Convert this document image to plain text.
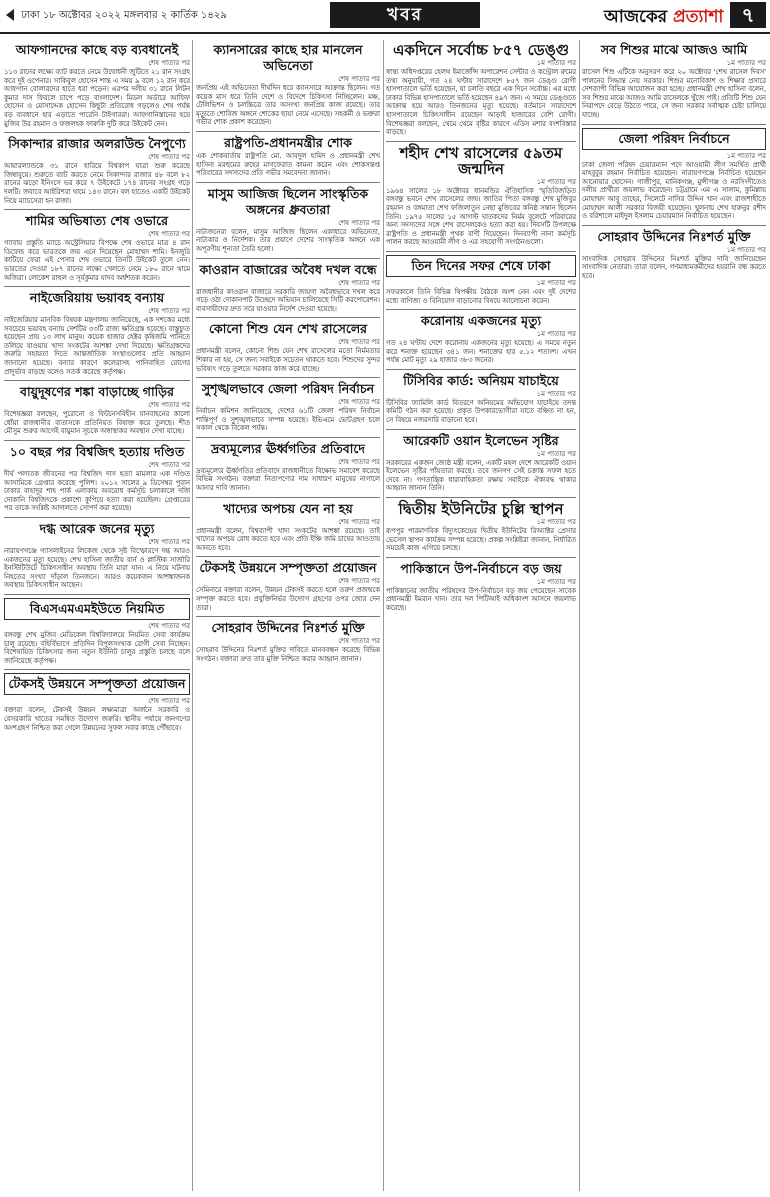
ঢাকা ১৮ অক্টোবর ২০২২ মঙ্গলবার ২ কার্তিক ১৪২৯	খবর	আজকের প্রত্যাশা ৭
আফগানদের কাছে বড় ব্যবধানেই
শেষ পাতার পর
১১৩ রানের লক্ষ্যে ব্যাট করতে নেমে উদ্বোধনী জুটিতে ২১ রান সংগ্রহ করে দুই ওপেনার। সাকিবুল হোসেন শান্ত এ সময় ৯ বলে ১২ রান করে আফগান বোলারদের হাতে ধরা পড়েন। এরপর দলীয় ৩১ রানে লিটন কুমার দাস ফিরলে চাপে পড়ে বাংলাদেশ। মিডল অর্ডারে আফিফ হোসেন ও মোসাদ্দেক হোসেন কিছুটা প্রতিরোধ গড়লেও শেষ পর্যন্ত বড় ব্যবধানে হার এড়াতে পারেনি টাইগাররা। আফগানিস্তানের হয়ে মুজিব উর রহমান ও ফজলহক ফারুকি দুটি করে উইকেট নেন।
সিকান্দার রাজার অলরাউন্ড নৈপুণ্যে
শেষ পাতার পর
আয়ারল্যান্ডকে ৩১ রানে হারিয়ে বিশ্বকাপ যাত্রা শুরু করেছে জিম্বাবুয়ে। শুরুতে ব্যাট করতে নেমে সিকান্দার রাজার ৪৮ বলে ৮২ রানের ঝড়ো ইনিংসে ভর করে ৭ উইকেটে ১৭৪ রানের সংগ্রহ গড়ে দলটি। জবাবে আইরিশরা থামে ১৪৩ রানে। বল হাতেও একটি উইকেট নিয়ে ম্যাচসেরা হন রাজা।
শামির অভিষাত্য শেষ ওভারে
শেষ পাতার পর
গ্যাবায় প্রস্তুতি ম্যাচে অস্ট্রেলিয়ার বিপক্ষে শেষ ওভারে মাত্র ৪ রান ডিফেন্ড করে ভারতকে জয় এনে দিয়েছেন মোহাম্মদ শামি। ইনজুরি কাটিয়ে ফেরা এই পেসার শেষ ওভারে তিনটি উইকেট তুলে নেন। ভারতের দেওয়া ১৮৭ রানের লক্ষ্যে খেলতে নেমে ১৮০ রানে থামে অজিরা। লোকেশ রাহুল ও সূর্যকুমার যাদব অর্ধশতক করেন।
নাইজেরিয়ায় ভয়াবহ বন্যায়
শেষ পাতার পর
নাইজেরিয়ার মানবিক বিষয়ক মন্ত্রণালয় জানিয়েছে, এক দশকের মধ্যে সবচেয়ে ভয়াবহ বন্যায় দেশটির ৩৩টি রাজ্য ক্ষতিগ্রস্ত হয়েছে। বাস্তুচ্যুত হয়েছেন প্রায় ১৩ লাখ মানুষ। কয়েক হাজার হেক্টর কৃষিজমি পানিতে তলিয়ে যাওয়ায় খাদ্য সংকটের আশঙ্কা দেখা দিয়েছে। ক্ষতিগ্রস্তদের জরুরি সহায়তা দিতে আন্তর্জাতিক সংস্থাগুলোর প্রতি আহ্বান জানানো হয়েছে। বন্যার কারণে কলেরাসহ পানিবাহিত রোগের প্রাদুর্ভাব বাড়ছে বলেও সতর্ক করেছে কর্তৃপক্ষ।
বায়ুদূষণের শঙ্কা বাড়াচ্ছে গাড়ির
শেষ পাতার পর
বিশেষজ্ঞরা বলছেন, পুরোনো ও ফিটনেসবিহীন যানবাহনের কালো ধোঁয়া রাজধানীর বাতাসকে প্রতিনিয়ত বিষাক্ত করে তুলছে। শীত মৌসুম শুরুর আগেই বায়ুমান সূচকে অস্বাস্থ্যকর অবস্থান দেখা যাচ্ছে।
১০ বছর পর বিশ্বজিৎ হত্যায় দণ্ডিত
শেষ পাতার পর
দীর্ঘ পলাতক জীবনের পর বিশ্বজিৎ দাস হত্যা মামলার এক দণ্ডিত আসামিকে গ্রেপ্তার করেছে পুলিশ। ২০১২ সালের ৯ ডিসেম্বর পুরান ঢাকার বাহাদুর শাহ পার্ক এলাকায় অবরোধ কর্মসূচি চলাকালে দর্জি দোকানি বিশ্বজিৎকে প্রকাশ্যে কুপিয়ে হত্যা করা হয়েছিল। গ্রেপ্তারের পর তাকে সংশ্লিষ্ট আদালতে সোপর্দ করা হয়েছে।
দগ্ধ আরেক জনের মৃত্যু
শেষ পাতার পর
নারায়ণগঞ্জে গ্যাসলাইনের লিকেজ থেকে সৃষ্ট বিস্ফোরণে দগ্ধ আরও একজনের মৃত্যু হয়েছে। শেখ হাসিনা জাতীয় বার্ন ও প্লাস্টিক সার্জারি ইনস্টিটিউটে চিকিৎসাধীন অবস্থায় তিনি মারা যান। এ নিয়ে ঘটনায় নিহতের সংখ্যা দাঁড়াল তিনজনে। আরও কয়েকজন আশঙ্কাজনক অবস্থায় চিকিৎসাধীন আছেন।
বিএসএমএমইউতে নিয়মিত
শেষ পাতার পর
বঙ্গবন্ধু শেখ মুজিব মেডিকেল বিশ্ববিদ্যালয়ে নিয়মিত সেবা কার্যক্রম চালু রয়েছে। বহির্বিভাগে প্রতিদিন বিপুলসংখ্যক রোগী সেবা নিচ্ছেন। বিশেষায়িত চিকিৎসার জন্য নতুন ইউনিট চালুর প্রস্তুতি চলছে বলে জানিয়েছে কর্তৃপক্ষ।
টেকসই উন্নয়নে সম্পৃক্ততা প্রয়োজন
শেষ পাতার পর
বক্তারা বলেন, টেকসই উন্নয়ন লক্ষ্যমাত্রা অর্জনে সরকারি ও বেসরকারি খাতের সমন্বিত উদ্যোগ জরুরি। স্থানীয় পর্যায়ে জনগণের অংশগ্রহণ নিশ্চিত করা গেলে উন্নয়নের সুফল সবার কাছে পৌঁছাবে।
ক্যানসারের কাছে হার মানলেন অভিনেতা
শেষ পাতার পর
জনপ্রিয় এই অভিনেতা দীর্ঘদিন ধরে ক্যানসারে আক্রান্ত ছিলেন। গত কয়েক মাস ধরে তিনি দেশে ও বিদেশে চিকিৎসা নিচ্ছিলেন। মঞ্চ, টেলিভিশন ও চলচ্চিত্রে তার অসংখ্য জনপ্রিয় কাজ রয়েছে। তার মৃত্যুতে শোবিজ অঙ্গনে শোকের ছায়া নেমে এসেছে। সহকর্মী ও ভক্তরা গভীর শোক প্রকাশ করেছেন।
রাষ্ট্রপতি-প্রধানমন্ত্রীর শোক
এক শোকবার্তায় রাষ্ট্রপতি মো. আবদুল হামিদ ও প্রধানমন্ত্রী শেখ হাসিনা মরহুমের রুহের মাগফেরাত কামনা করেন এবং শোকসন্তপ্ত পরিবারের সদস্যদের প্রতি গভীর সমবেদনা জানান।
মাসুম আজিজ ছিলেন সাংস্কৃতিক অঙ্গনের ধ্রুবতারা
শেষ পাতার পর
নাট্যজনেরা বলেন, মাসুম আজিজ ছিলেন একাধারে অভিনেতা, নাট্যকার ও নির্দেশক। তার প্রয়াণে দেশের সাংস্কৃতিক অঙ্গনে এক অপূরণীয় শূন্যতা তৈরি হলো।
কাওরান বাজারের অবৈধ দখল বন্ধে
শেষ পাতার পর
রাজধানীর কাওরান বাজারে সরকারি জায়গা অবৈধভাবে দখল করে গড়ে ওঠা দোকানপাট উচ্ছেদে অভিযান চালিয়েছে সিটি করপোরেশন। ব্যবসায়ীদের দ্রুত সরে যাওয়ার নির্দেশ দেওয়া হয়েছে।
কোনো শিশু যেন শেখ রাসেলের
শেষ পাতার পর
প্রধানমন্ত্রী বলেন, কোনো শিশু যেন শেখ রাসেলের মতো নির্মমতার শিকার না হয়, সে জন্য সবাইকে সচেতন থাকতে হবে। শিশুদের সুন্দর ভবিষ্যৎ গড়ে তুলতে সরকার কাজ করে যাচ্ছে।
সুশৃঙ্খলভাবে জেলা পরিষদ নির্বাচন
শেষ পাতার পর
নির্বাচন কমিশন জানিয়েছে, দেশের ৬১টি জেলা পরিষদ নির্বাচন শান্তিপূর্ণ ও সুশৃঙ্খলভাবে সম্পন্ন হয়েছে। ইভিএমে ভোটগ্রহণ চলে সকাল থেকে বিকেল পর্যন্ত।
দ্রব্যমূল্যের ঊর্ধ্বগতির প্রতিবাদে
শেষ পাতার পর
দ্রব্যমূল্যের ঊর্ধ্বগতির প্রতিবাদে রাজধানীতে বিক্ষোভ সমাবেশ করেছে বিভিন্ন সংগঠন। বক্তারা নিত্যপণ্যের দাম সাধারণ মানুষের নাগালে আনার দাবি জানান।
খাদ্যের অপচয় যেন না হয়
শেষ পাতার পর
প্রধানমন্ত্রী বলেন, বিশ্বব্যাপী খাদ্য সংকটের আশঙ্কা রয়েছে। তাই খাদ্যের অপচয় রোধ করতে হবে এবং প্রতি ইঞ্চি জমি চাষের আওতায় আনতে হবে।
টেকসই উন্নয়নে সম্পৃক্ততা প্রয়োজন
শেষ পাতার পর
সেমিনারে বক্তারা বলেন, উন্নয়ন টেকসই করতে হলে তরুণ প্রজন্মকে সম্পৃক্ত করতে হবে। প্রযুক্তিনির্ভর উদ্যোগ গ্রহণের ওপর জোর দেন তারা।
সোহরাব উদ্দিনের নিঃশর্ত মুক্তি
শেষ পাতার পর
সোহরাব উদ্দিনের নিঃশর্ত মুক্তির দাবিতে মানববন্ধন করেছে বিভিন্ন সংগঠন। বক্তারা দ্রুত তার মুক্তি নিশ্চিত করার আহ্বান জানান।
একদিনে সর্বোচ্চ ৮৫৭ ডেঙ্গু
১ম পাতার পর
স্বাস্থ্য অধিদপ্তরের হেলথ ইমার্জেন্সি অপারেশন সেন্টার ও কন্ট্রোল রুমের তথ্য অনুযায়ী, গত ২৪ ঘণ্টায় সারাদেশে ৮৫৭ জন ডেঙ্গু রোগী হাসপাতালে ভর্তি হয়েছেন, যা চলতি বছরে এক দিনে সর্বোচ্চ। এর মধ্যে ঢাকার বিভিন্ন হাসপাতালে ভর্তি হয়েছেন ৪৯৭ জন। এ সময়ে ডেঙ্গুতে আক্রান্ত হয়ে আরও তিনজনের মৃত্যু হয়েছে। বর্তমানে সারাদেশে হাসপাতালে চিকিৎসাধীন রয়েছেন আড়াই হাজারের বেশি রোগী। বিশেষজ্ঞরা বলছেন, থেমে থেমে বৃষ্টির কারণে এডিস মশার বংশবিস্তার বাড়ছে।
শহীদ শেখ রাসেলের ৫৯তম জন্মদিন
১ম পাতার পর
১৯৬৪ সালের ১৮ অক্টোবর ধানমন্ডির ঐতিহাসিক স্মৃতিবিজড়িত বঙ্গবন্ধু ভবনে শেখ রাসেলের জন্ম। জাতির পিতা বঙ্গবন্ধু শেখ মুজিবুর রহমান ও বঙ্গমাতা শেখ ফজিলাতুন নেছা মুজিবের কনিষ্ঠ সন্তান ছিলেন তিনি। ১৯৭৫ সালের ১৫ আগস্ট ঘাতকদের নির্মম বুলেটে পরিবারের অন্য সদস্যদের সঙ্গে শেখ রাসেলকেও হত্যা করা হয়। দিবসটি উপলক্ষে রাষ্ট্রপতি ও প্রধানমন্ত্রী পৃথক বাণী দিয়েছেন। দিনব্যাপী নানা কর্মসূচি পালন করছে আওয়ামী লীগ ও এর সহযোগী সংগঠনগুলো।
তিন দিনের সফর শেষে ঢাকা
১ম পাতার পর
সফরকালে তিনি বিভিন্ন দ্বিপক্ষীয় বৈঠকে অংশ নেন এবং দুই দেশের মধ্যে বাণিজ্য ও বিনিয়োগ বাড়ানোর বিষয়ে আলোচনা করেন।
করোনায় একজনের মৃত্যু
১ম পাতার পর
গত ২৪ ঘণ্টায় দেশে করোনায় একজনের মৃত্যু হয়েছে। এ সময়ে নতুন করে শনাক্ত হয়েছেন ৩৪১ জন। শনাক্তের হার ৫.১২ শতাংশ। এখন পর্যন্ত মোট মৃত্যু ২৯ হাজার ৩৮৩ জনের।
টিসিবির কার্ড: অনিয়ম যাচাইয়ে
১ম পাতার পর
টিসিবির ফ্যামিলি কার্ড বিতরণে অনিয়মের অভিযোগ যাচাইয়ে তদন্ত কমিটি গঠন করা হয়েছে। প্রকৃত উপকারভোগীরা যাতে বঞ্চিত না হন, সে বিষয়ে নজরদারি বাড়ানো হবে।
আরেকটি ওয়ান ইলেভেন সৃষ্টির
১ম পাতার পর
সরকারের একজন জ্যেষ্ঠ মন্ত্রী বলেন, একটি মহল দেশে আরেকটি ওয়ান ইলেভেন সৃষ্টির পাঁয়তারা করছে। তবে জনগণ সেই চক্রান্ত সফল হতে দেবে না। গণতান্ত্রিক ধারাবাহিকতা রক্ষায় সবাইকে ঐক্যবদ্ধ থাকার আহ্বান জানান তিনি।
দ্বিতীয় ইউনিটের চুল্লি স্থাপন
১ম পাতার পর
রূপপুর পারমাণবিক বিদ্যুৎকেন্দ্রের দ্বিতীয় ইউনিটের রিঅ্যাক্টর প্রেসার ভেসেল স্থাপন কার্যক্রম সম্পন্ন হয়েছে। প্রকল্প সংশ্লিষ্টরা জানান, নির্ধারিত সময়েই কাজ এগিয়ে চলছে।
পাকিস্তানে উপ-নির্বাচনে বড় জয়
১ম পাতার পর
পাকিস্তানের জাতীয় পরিষদের উপ-নির্বাচনে বড় জয় পেয়েছেন সাবেক প্রধানমন্ত্রী ইমরান খান। তার দল পিটিআই অধিকাংশ আসনে জয়লাভ করেছে।
সব শিশুর মাঝে আজও আমি
১ম পাতার পর
রাসেল শিশু এটিকে অনুসরণ করে ২০ অক্টোবর 'শেখ রাসেল দিবস' পালনের সিদ্ধান্ত নেয় সরকার। শিশুর মনোবিকাশ ও শিক্ষার প্রসারে দেশব্যাপী বিভিন্ন আয়োজন করা হচ্ছে। প্রধানমন্ত্রী শেখ হাসিনা বলেন, সব শিশুর মাঝে আজও আমি রাসেলকে খুঁজে পাই। প্রতিটি শিশু যেন নিরাপদে বেড়ে উঠতে পারে, সে জন্য সরকার সর্বাত্মক চেষ্টা চালিয়ে যাচ্ছে।
জেলা পরিষদ নির্বাচনে
১ম পাতার পর
ঢাকা জেলা পরিষদ চেয়ারম্যান পদে আওয়ামী লীগ সমর্থিত প্রার্থী মাহবুবুর রহমান নির্বাচিত হয়েছেন। নারায়ণগঞ্জে নির্বাচিত হয়েছেন আনোয়ার হোসেন। গাজীপুর, মানিকগঞ্জ, মুন্সীগঞ্জ ও নরসিংদীতেও দলীয় প্রার্থীরা জয়লাভ করেছেন। চট্টগ্রামে এম এ সালাম, কুমিল্লায় মোহাম্মদ আবু তাহের, সিলেটে নাসির উদ্দিন খান এবং রাজশাহীতে মোহাম্মদ আলী সরকার বিজয়ী হয়েছেন। খুলনায় শেখ হারুনুর রশীদ ও বরিশালে মাইদুল ইসলাম চেয়ারম্যান নির্বাচিত হয়েছেন।
সোহরাব উদ্দিনের নিঃশর্ত মুক্তি
১ম পাতার পর
সাংবাদিক সোহরাব উদ্দিনের নিঃশর্ত মুক্তির দাবি জানিয়েছেন সাংবাদিক নেতারা। তারা বলেন, গণমাধ্যমকর্মীদের হয়রানি বন্ধ করতে হবে।
